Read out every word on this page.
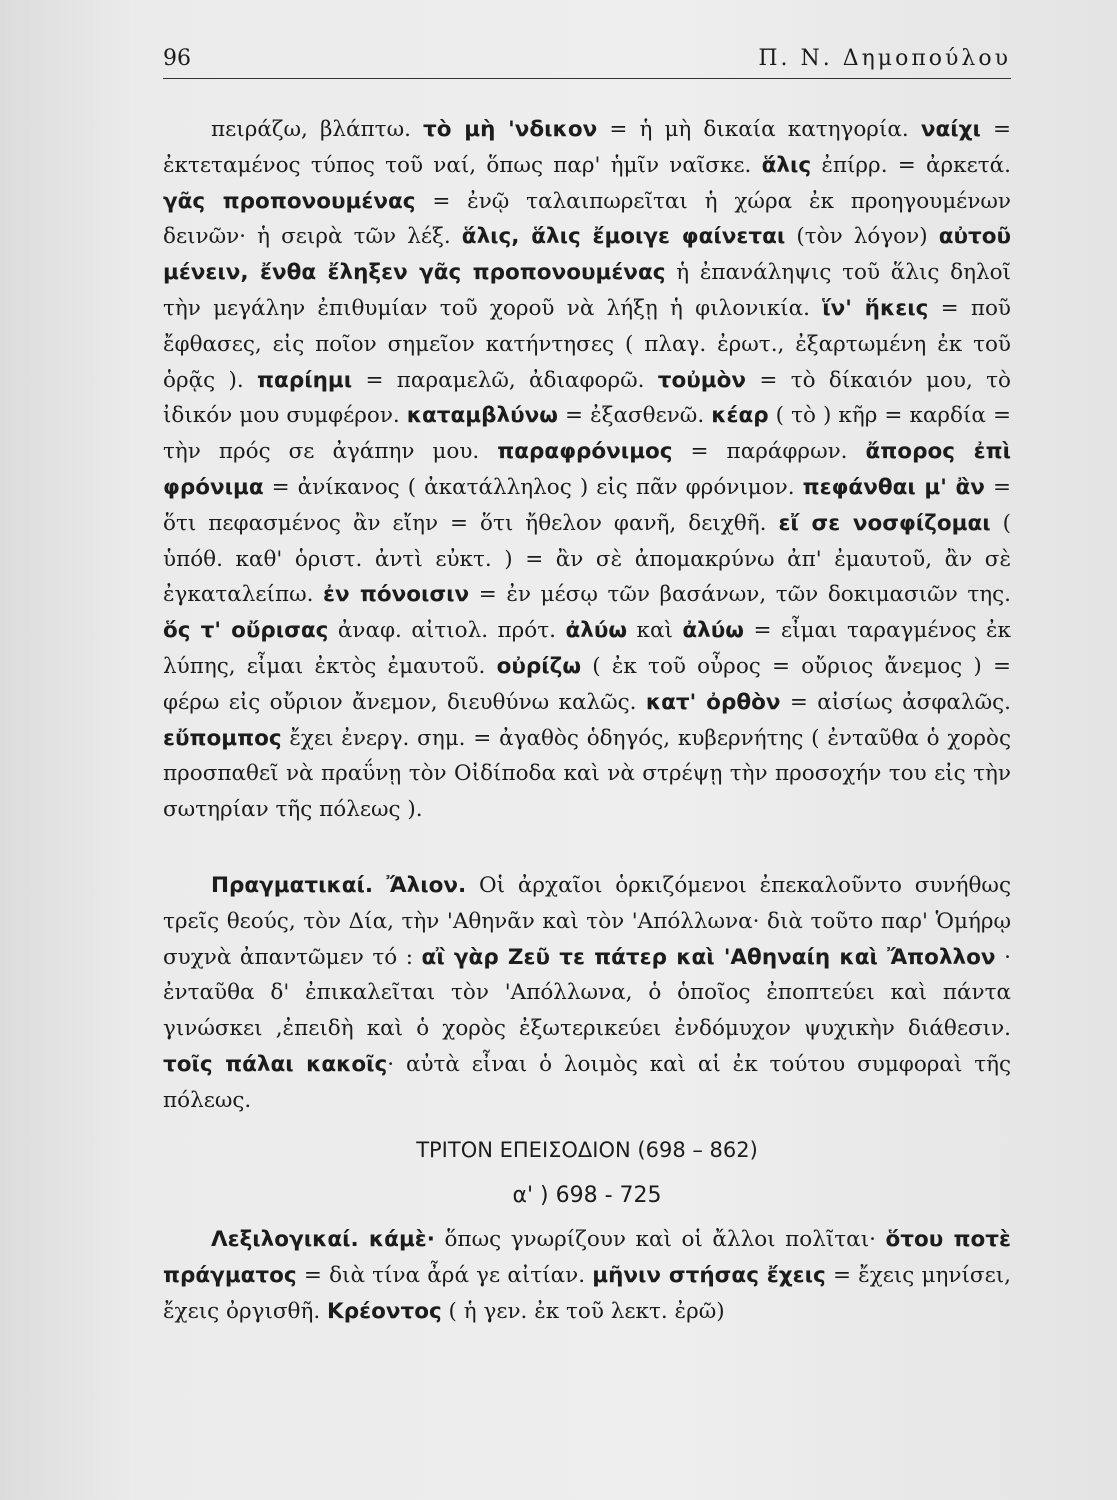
96	Π. Ν. Δημοπούλου

πειράζω, βλάπτω. τὸ μὴ 'νδικον = ἡ μὴ δικαία κατηγορία. ναίχι = ἐκτεταμένος τύπος τοῦ ναί, ὅπως παρ' ἡμῖν ναῖσκε. ἅλις ἐπίρρ. = ἀρκετά. γᾶς προπονουμένας = ἐνῷ ταλαιπωρεῖται ἡ χώρα ἐκ προηγουμένων δεινῶν· ἡ σειρὰ τῶν λέξ. ἅλις, ἅλις ἔμοιγε φαίνεται (τὸν λόγον) αὐτοῦ μένειν, ἔνθα ἔληξεν γᾶς προπονουμένας ἡ ἐπανάληψις τοῦ ἅλις δηλοῖ τὴν μεγάλην ἐπιθυμίαν τοῦ χοροῦ νὰ λήξῃ ἡ φιλονικία. ἵν' ἥκεις = ποῦ ἔφθασες, εἰς ποῖον σημεῖον κατήντησες ( πλαγ. ἐρωτ., ἐξαρτωμένη ἐκ τοῦ ὁρᾷς ). παρίημι = παραμελῶ, ἀδιαφορῶ. τοὐμὸν = τὸ δίκαιόν μου, τὸ ἰδικόν μου συμφέρον. καταμβλύνω = ἐξασθενῶ. κέαρ ( τὸ ) κῆρ = καρδία = τὴν πρός σε ἀγάπην μου. παραφρόνιμος = παράφρων. ἄπορος ἐπὶ φρόνιμα = ἀνίκανος ( ἀκατάλληλος ) εἰς πᾶν φρόνιμον. πεφάνθαι μ' ἂν = ὅτι πεφασμένος ἂν εἴην = ὅτι ἤθελον φανῆ, δειχθῆ. εἴ σε νοσφίζομαι ( ὑπόθ. καθ' ὁριστ. ἀντὶ εὐκτ. ) = ἂν σὲ ἀπομακρύνω ἀπ' ἐμαυτοῦ, ἂν σὲ ἐγκαταλείπω. ἐν πόνοισιν = ἐν μέσῳ τῶν βασάνων, τῶν δοκιμασιῶν της. ὅς τ' οὔρισας ἀναφ. αἰτιολ. πρότ. ἀλύω καὶ ἀλύω = εἶμαι ταραγμένος ἐκ λύπης, εἶμαι ἐκτὸς ἐμαυτοῦ. οὐρίζω ( ἐκ τοῦ οὖρος = οὔριος ἄνεμος ) = φέρω εἰς οὔριον ἄνεμον, διευθύνω καλῶς. κατ' ὀρθὸν = αἰσίως ἀσφαλῶς. εὔπομπος ἔχει ἐνεργ. σημ. = ἀγαθὸς ὁδηγός, κυβερνήτης ( ἐνταῦθα ὁ χορὸς προσπαθεῖ νὰ πραΰνῃ τὸν Οἰδίποδα καὶ νὰ στρέψῃ τὴν προσοχήν του εἰς τὴν σωτηρίαν τῆς πόλεως ).

Πραγματικαί. Ἄλιον. Οἱ ἀρχαῖοι ὁρκιζόμενοι ἐπεκαλοῦντο συνήθως τρεῖς θεούς, τὸν Δία, τὴν 'Αθηνᾶν καὶ τὸν 'Απόλλωνα· διὰ τοῦτο παρ' Ὁμήρῳ συχνὰ ἀπαντῶμεν τό : αἲ γὰρ Ζεῦ τε πάτερ καὶ 'Αθηναίη καὶ Ἄπολλον · ἐνταῦθα δ' ἐπικαλεῖται τὸν 'Απόλλωνα, ὁ ὁποῖος ἐποπτεύει καὶ πάντα γινώσκει ,ἐπειδὴ καὶ ὁ χορὸς ἐξωτερικεύει ἐνδόμυχον ψυχικὴν διάθεσιν. τοῖς πάλαι κακοῖς· αὐτὰ εἶναι ὁ λοιμὸς καὶ αἱ ἐκ τούτου συμφοραὶ τῆς πόλεως.

ΤΡΙΤΟΝ ΕΠΕΙΣΟΔΙΟΝ (698 – 862)
α' ) 698 - 725

Λεξιλογικαί. κάμὲ· ὅπως γνωρίζουν καὶ οἱ ἄλλοι πολῖται· ὅτου ποτὲ πράγματος = διὰ τίνα ἆρά γε αἰτίαν. μῆνιν στήσας ἔχεις = ἔχεις μηνίσει, ἔχεις ὀργισθῆ. Κρέοντος ( ἡ γεν. ἐκ τοῦ λεκτ. ἐρῶ)
